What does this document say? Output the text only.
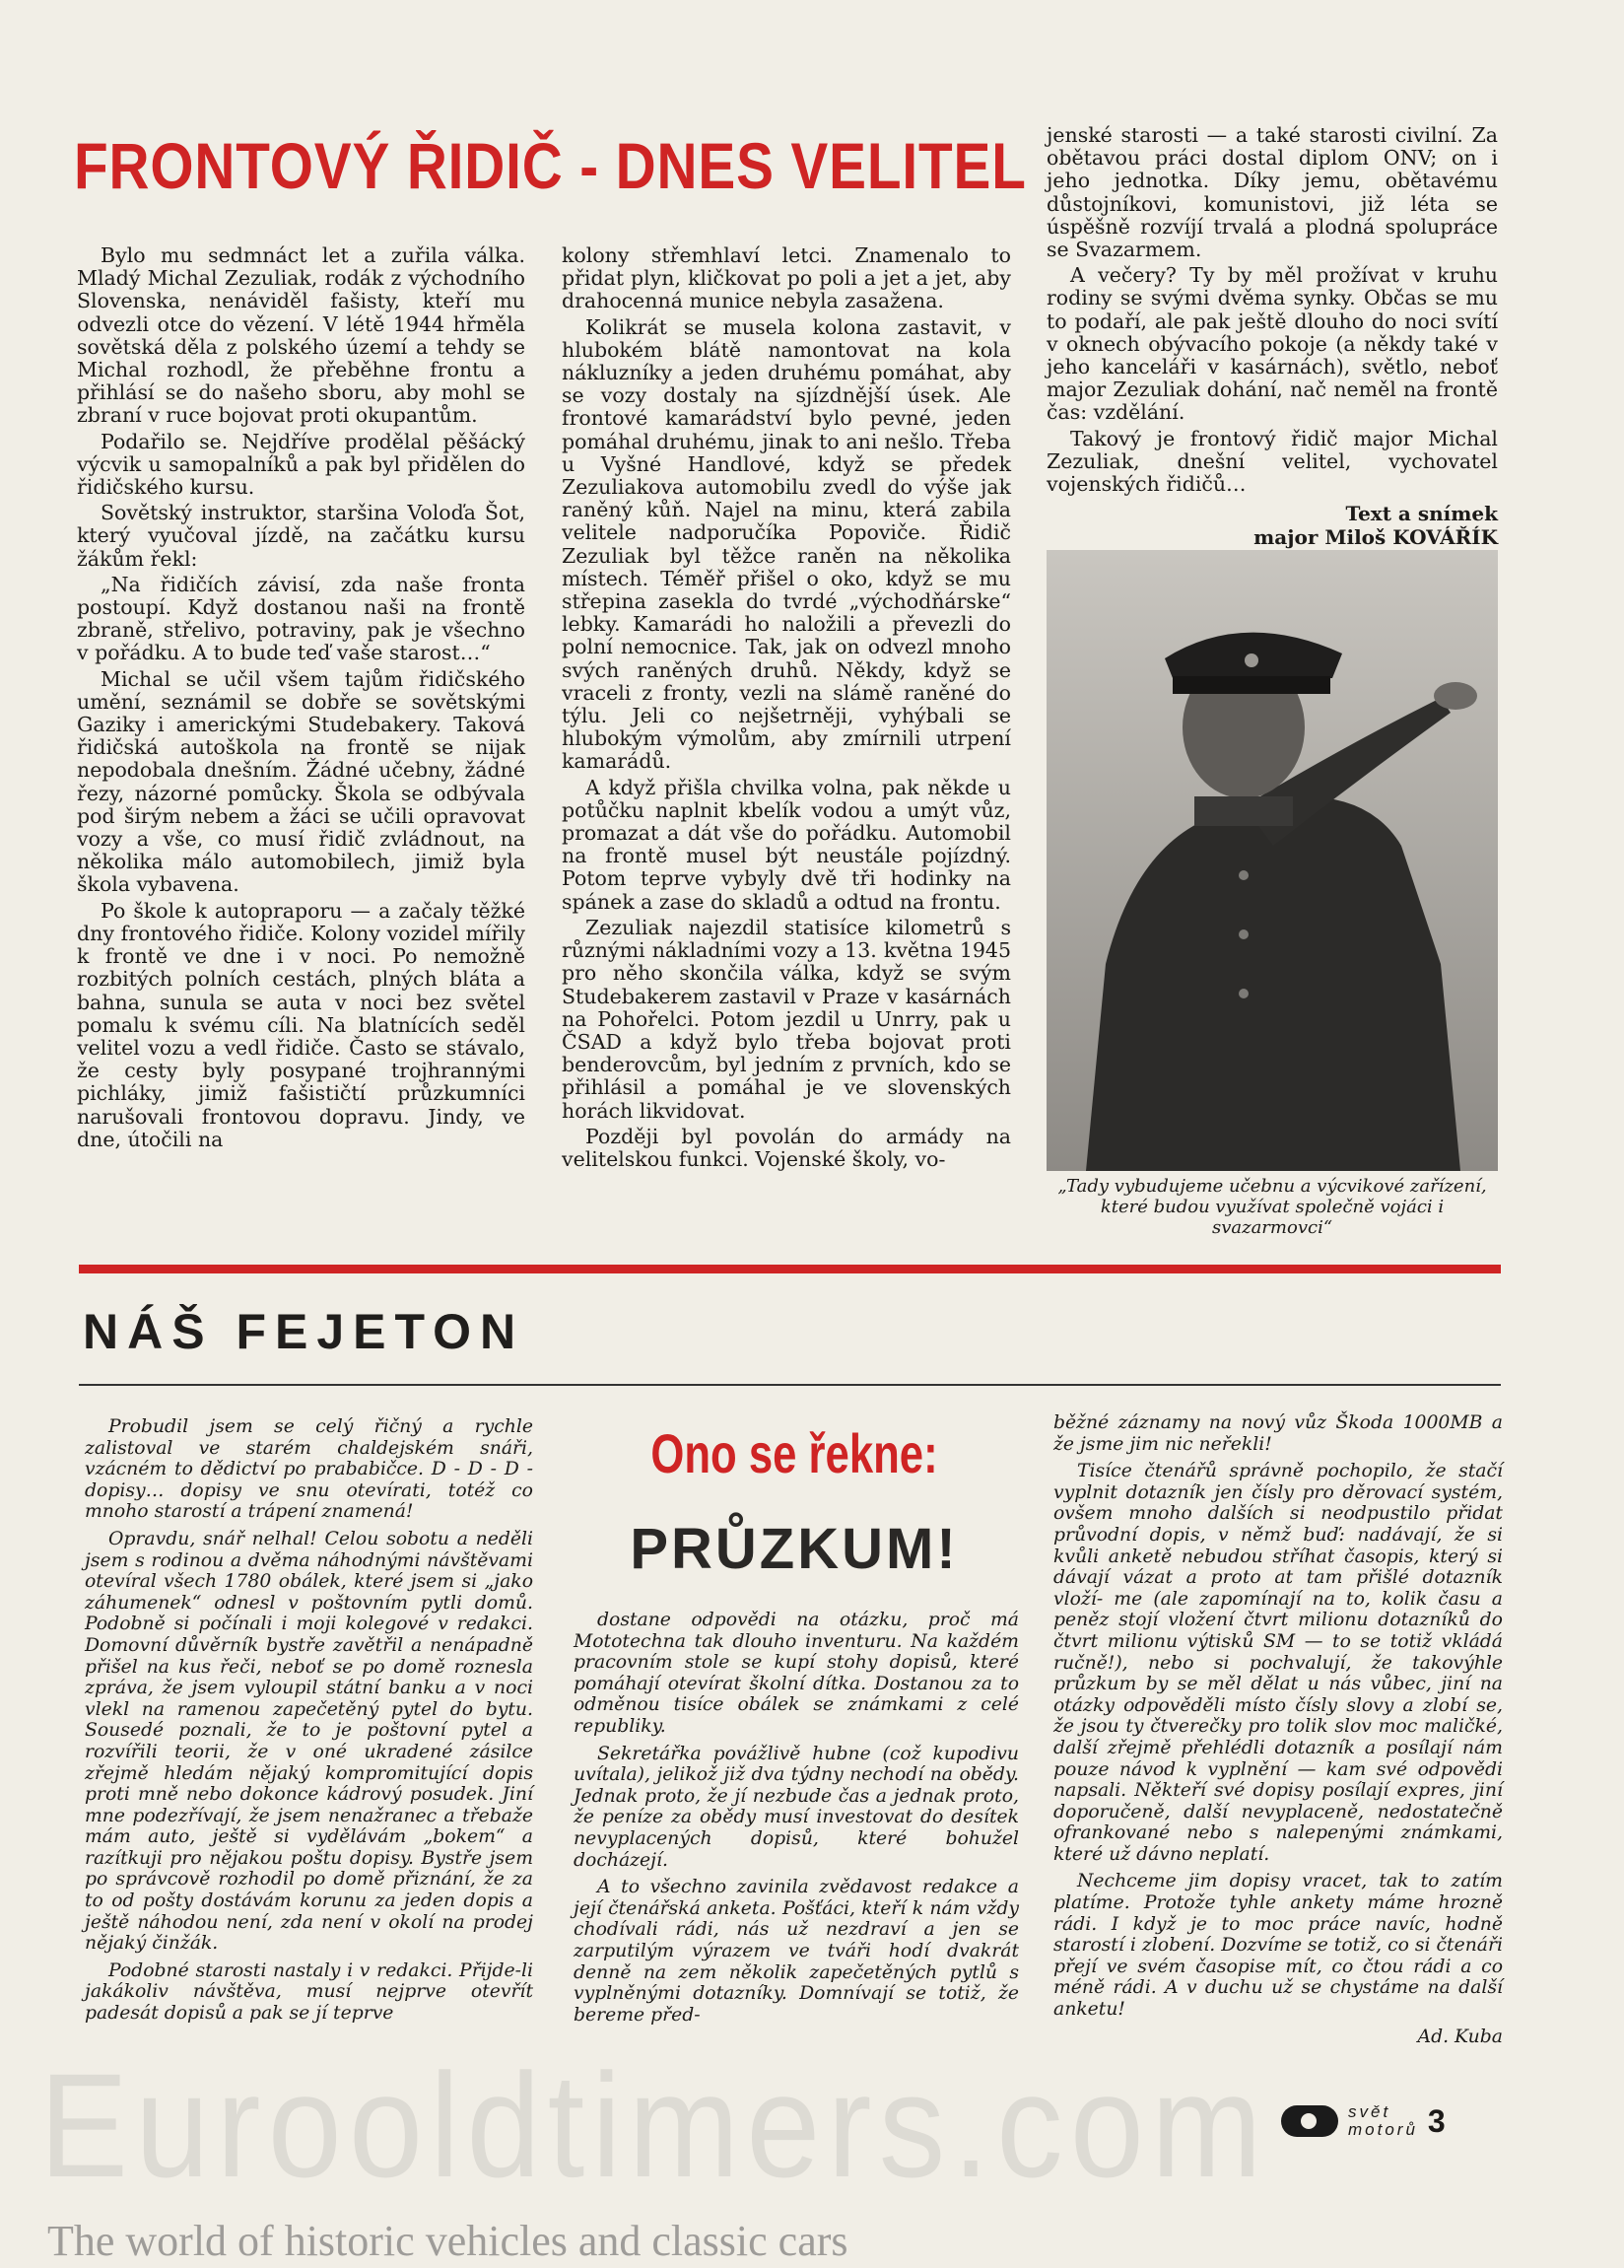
FRONTOVÝ ŘIDIČ - DNES VELITEL

Bylo mu sedmnáct let a zuřila válka. Mladý Michal Zezuliak, rodák z východního Slovenska, nenáviděl fašisty, kteří mu odvezli otce do vězení. V létě 1944 hřměla sovětská děla z polského území a tehdy se Michal rozhodl, že přeběhne frontu a přihlásí se do našeho sboru, aby mohl se zbraní v ruce bojovat proti okupantům.

Podařilo se. Nejdříve prodělal pěšácký výcvik u samopalníků a pak byl přidělen do řidičského kursu.

Sovětský instruktor, staršina Voloďa Šot, který vyučoval jízdě, na začátku kursu žákům řekl:

„Na řidičích závisí, zda naše fronta postoupí. Když dostanou naši na frontě zbraně, střelivo, potraviny, pak je všechno v pořádku. A to bude teď vaše starost…“

Michal se učil všem tajům řidičského umění, seznámil se dobře se sovětskými Gaziky i americkými Studebakery. Taková řidičská autoškola na frontě se nijak nepodobala dnešním. Žádné učebny, žádné řezy, názorné pomůcky. Škola se odbývala pod širým nebem a žáci se učili opravovat vozy a vše, co musí řidič zvládnout, na několika málo automobilech, jimiž byla škola vybavena.

Po škole k autopraporu — a začaly těžké dny frontového řidiče. Kolony vozidel mířily k frontě ve dne i v noci. Po nemožně rozbitých polních cestách, plných bláta a bahna, sunula se auta v noci bez světel pomalu k svému cíli. Na blatnících seděl velitel vozu a vedl řidiče. Často se stávalo, že cesty byly posypané trojhrannými pichláky, jimiž fašističtí průzkumníci narušovali frontovou dopravu. Jindy, ve dne, útočili na

kolony střemhlaví letci. Znamenalo to přidat plyn, kličkovat po poli a jet a jet, aby drahocenná munice nebyla zasažena.

Kolikrát se musela kolona zastavit, v hlubokém blátě namontovat na kola nákluzníky a jeden druhému pomáhat, aby se vozy dostaly na sjízdnější úsek. Ale frontové kamarádství bylo pevné, jeden pomáhal druhému, jinak to ani nešlo. Třeba u Vyšné Handlové, když se předek Zezuliakova automobilu zvedl do výše jak raněný kůň. Najel na minu, která zabila velitele nadporučíka Popoviče. Řidič Zezuliak byl těžce raněn na několika místech. Téměř přišel o oko, když se mu střepina zasekla do tvrdé „východňárske“ lebky. Kamarádi ho naložili a převezli do polní nemocnice. Tak, jak on odvezl mnoho svých raněných druhů. Někdy, když se vraceli z fronty, vezli na slámě raněné do týlu. Jeli co nejšetrněji, vyhýbali se hlubokým výmolům, aby zmírnili utrpení kamarádů.

A když přišla chvilka volna, pak někde u potůčku naplnit kbelík vodou a umýt vůz, promazat a dát vše do pořádku. Automobil na frontě musel být neustále pojízdný. Potom teprve vybyly dvě tři hodinky na spánek a zase do skladů a odtud na frontu.

Zezuliak najezdil statisíce kilometrů s různými nákladními vozy a 13. května 1945 pro něho skončila válka, když se svým Studebakerem zastavil v Praze v kasárnách na Pohořelci. Potom jezdil u Unrry, pak u ČSAD a když bylo třeba bojovat proti benderovcům, byl jedním z prvních, kdo se přihlásil a pomáhal je ve slovenských horách likvidovat.

Později byl povolán do armády na velitelskou funkci. Vojenské školy, vo-

jenské starosti — a také starosti civilní. Za obětavou práci dostal diplom ONV; on i jeho jednotka. Díky jemu, obětavému důstojníkovi, komunistovi, již léta se úspěšně rozvíjí trvalá a plodná spolupráce se Svazarmem.

A večery? Ty by měl prožívat v kruhu rodiny se svými dvěma synky. Občas se mu to podaří, ale pak ještě dlouho do noci svítí v oknech obývacího pokoje (a někdy také v jeho kanceláři v kasárnách), světlo, neboť major Zezuliak dohání, nač neměl na frontě čas: vzdělání.

Takový je frontový řidič major Michal Zezuliak, dnešní velitel, vychovatel vojenských řidičů…

Text a snímek
major Miloš KOVÁŘÍK
„Tady vybudujeme učebnu a výcvikové zařízení, které budou využívat společně vojáci i svazarmovci“
NÁŠ FEJETON

Probudil jsem se celý řičný a rychle zalistoval ve starém chaldejském snáři, vzácném to dědictví po prababičce. D - D - D - dopisy… dopisy ve snu otevírati, totéž co mnoho starostí a trápení znamená!

Opravdu, snář nelhal! Celou sobotu a neděli jsem s rodinou a dvěma náhodnými návštěvami otevíral všech 1780 obálek, které jsem si „jako záhumenek“ odnesl v poštovním pytli domů. Podobně si počínali i moji kolegové v redakci. Domovní důvěrník bystře zavětřil a nenápadně přišel na kus řeči, neboť se po domě roznesla zpráva, že jsem vyloupil státní banku a v noci vlekl na ramenou zapečetěný pytel do bytu. Sousedé poznali, že to je poštovní pytel a rozvířili teorii, že v oné ukradené zásilce zřejmě hledám nějaký kompromitující dopis proti mně nebo dokonce kádrový posudek. Jiní mne podezřívají, že jsem nenažranec a třebaže mám auto, ještě si vydělávám „bokem“ a razítkuji pro nějakou poštu dopisy. Bystře jsem po správcově rozhodil po domě přiznání, že za to od pošty dostávám korunu za jeden dopis a ještě náhodou není, zda není v okolí na prodej nějaký činžák.

Podobné starosti nastaly i v redakci. Přijde-li jakákoliv návštěva, musí nejprve otevřít padesát dopisů a pak se jí teprve

Ono se řekne:
PRŮZKUM!

dostane odpovědi na otázku, proč má Mototechna tak dlouho inventuru. Na každém pracovním stole se kupí stohy dopisů, které pomáhají otevírat školní dítka. Dostanou za to odměnou tisíce obálek se známkami z celé republiky.

Sekretářka povážlivě hubne (což kupodivu uvítala), jelikož již dva týdny nechodí na obědy. Jednak proto, že jí nezbude čas a jednak proto, že peníze za obědy musí investovat do desítek nevyplacených dopisů, které bohužel docházejí.

A to všechno zavinila zvědavost redakce a její čtenářská anketa. Pošťáci, kteří k nám vždy chodívali rádi, nás už nezdraví a jen se zarputilým výrazem ve tváři hodí dvakrát denně na zem několik zapečetěných pytlů s vyplněnými dotazníky. Domnívají se totiž, že bereme před-

běžné záznamy na nový vůz Škoda 1000MB a že jsme jim nic neřekli!

Tisíce čtenářů správně pochopilo, že stačí vyplnit dotazník jen čísly pro děrovací systém, ovšem mnoho dalších si neodpustilo přidat průvodní dopis, v němž buď: nadávají, že si kvůli anketě nebudou stříhat časopis, který si dávají vázat a proto at tam přišlé dotazník vloží- me (ale zapomínají na to, kolik času a peněz stojí vložení čtvrt milionu dotazníků do čtvrt milionu výtisků SM — to se totiž vkládá ručně!), nebo si pochvalují, že takovýhle průzkum by se měl dělat u nás vůbec, jiní na otázky odpověděli místo čísly slovy a zlobí se, že jsou ty čtverečky pro tolik slov moc maličké, další zřejmě přehlédli dotazník a posílají nám pouze návod k vyplnění — kam své odpovědi napsali. Někteří své dopisy posílají expres, jiní doporučeně, další nevyplaceně, nedostatečně ofrankované nebo s nalepenými známkami, které už dávno neplatí.

Nechceme jim dopisy vracet, tak to zatím platíme. Protože tyhle ankety máme hrozně rádi. I když je to moc práce navíc, hodně starostí i zlobení. Dozvíme se totiž, co si čtenáři přejí ve svém časopise mít, co čtou rádi a co méně rádi. A v duchu už se chystáme na další anketu!

Ad. Kuba
Eurooldtimers.com	svět
motorů 3
The world of historic vehicles and classic cars
